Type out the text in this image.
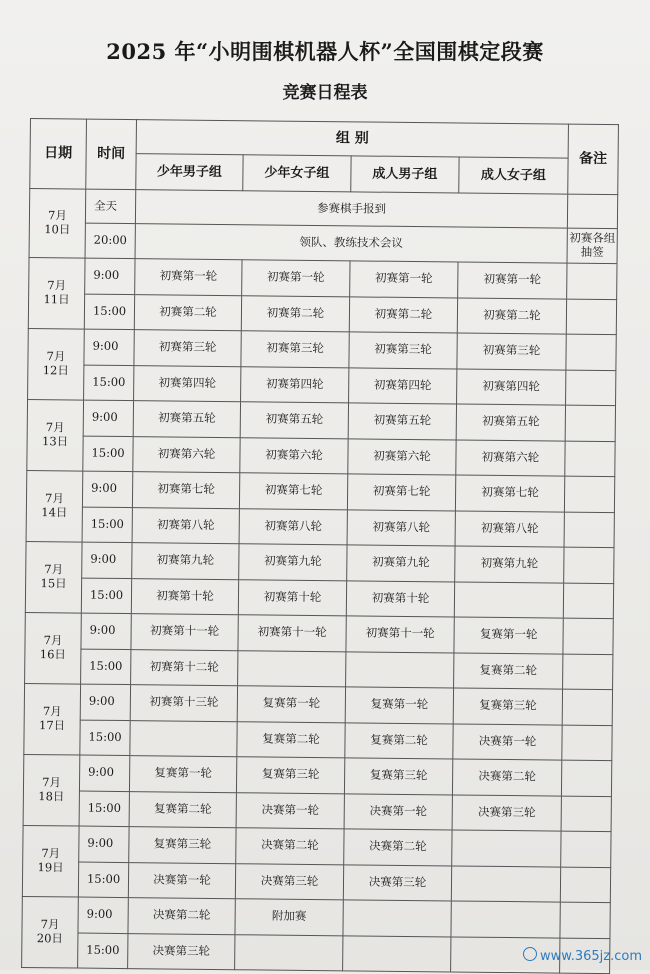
2025 年“小明围棋机器人杯”全国围棋定段赛
竞赛日程表
日期	时间	组 别				备注
		少年男子组	少年女子组	成人男子组	成人女子组	

7月
10日	全天	参赛棋手报到				
	20:00	领队、教练技术会议				初赛各组抽签

7月
11日	9:00	初赛第一轮	初赛第一轮	初赛第一轮	初赛第一轮	
	15:00	初赛第二轮	初赛第二轮	初赛第二轮	初赛第二轮	

7月
12日	9:00	初赛第三轮	初赛第三轮	初赛第三轮	初赛第三轮	
	15:00	初赛第四轮	初赛第四轮	初赛第四轮	初赛第四轮	

7月
13日	9:00	初赛第五轮	初赛第五轮	初赛第五轮	初赛第五轮	
	15:00	初赛第六轮	初赛第六轮	初赛第六轮	初赛第六轮	

7月
14日	9:00	初赛第七轮	初赛第七轮	初赛第七轮	初赛第七轮	
	15:00	初赛第八轮	初赛第八轮	初赛第八轮	初赛第八轮	

7月
15日	9:00	初赛第九轮	初赛第九轮	初赛第九轮	初赛第九轮	
	15:00	初赛第十轮	初赛第十轮	初赛第十轮		

7月
16日	9:00	初赛第十一轮	初赛第十一轮	初赛第十一轮	复赛第一轮	
	15:00	初赛第十二轮			复赛第二轮	

7月
17日	9:00	初赛第十三轮	复赛第一轮	复赛第一轮	复赛第三轮	
	15:00		复赛第二轮	复赛第二轮	决赛第一轮	

7月
18日	9:00	复赛第一轮	复赛第三轮	复赛第三轮	决赛第二轮	
	15:00	复赛第二轮	决赛第一轮	决赛第一轮	决赛第三轮	

7月
19日	9:00	复赛第三轮	决赛第二轮	决赛第二轮		
	15:00	决赛第一轮	决赛第三轮	决赛第三轮		

7月
20日	9:00	决赛第二轮	附加赛			
	15:00	决赛第三轮					www.365jz.com
